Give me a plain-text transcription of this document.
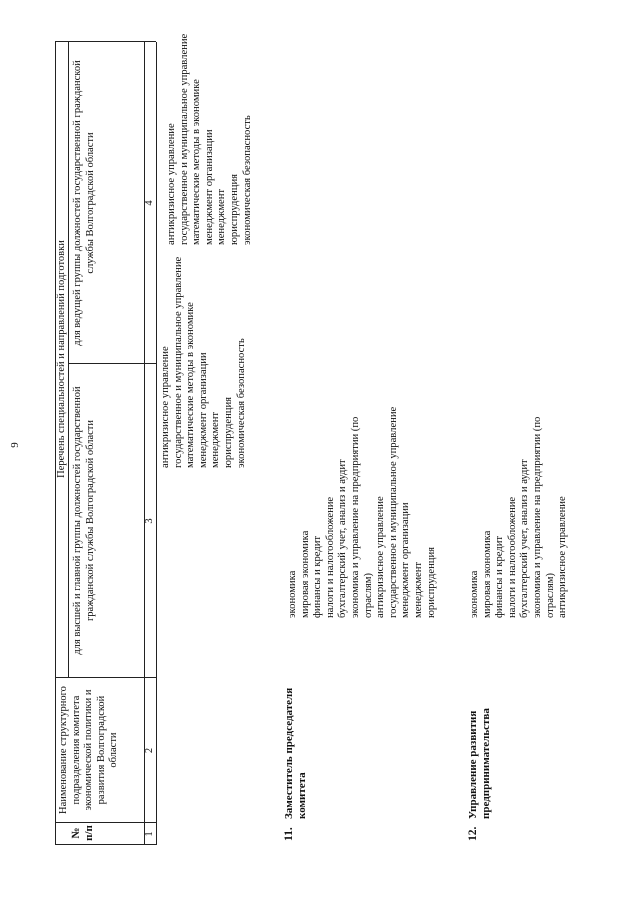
9
№ п/п
Наименование структурного подразделения комитета экономической политики и развития Волгоградской области
Перечень специальностей и направлений подготовки
для высшей и главной группы должностей государственной гражданской службы Волгоградской области
для ведущей группы должностей государственной гражданской службы Волгоградской области
1
2
3
4
антикризисное управление государственное и муниципальное управление математические методы в экономике менеджмент организации менеджмент юриспруденция экономическая безопасность
антикризисное управление государственное и муниципальное управление математические методы в экономике менеджмент организации менеджмент юриспруденция экономическая безопасность
11.
Заместитель председателя комитета
экономика мировая экономика финансы и кредит налоги и налогообложение бухгалтерский учет, анализ и аудит экономика и управление на предприятии (по отраслям) антикризисное управление государственное и муниципальное управление менеджмент организации менеджмент юриспруденция
12.
Управление развития предпринимательства
экономика мировая экономика финансы и кредит налоги и налогообложение бухгалтерский учет, анализ и аудит экономика и управление на предприятии (по отраслям) антикризисное управление
